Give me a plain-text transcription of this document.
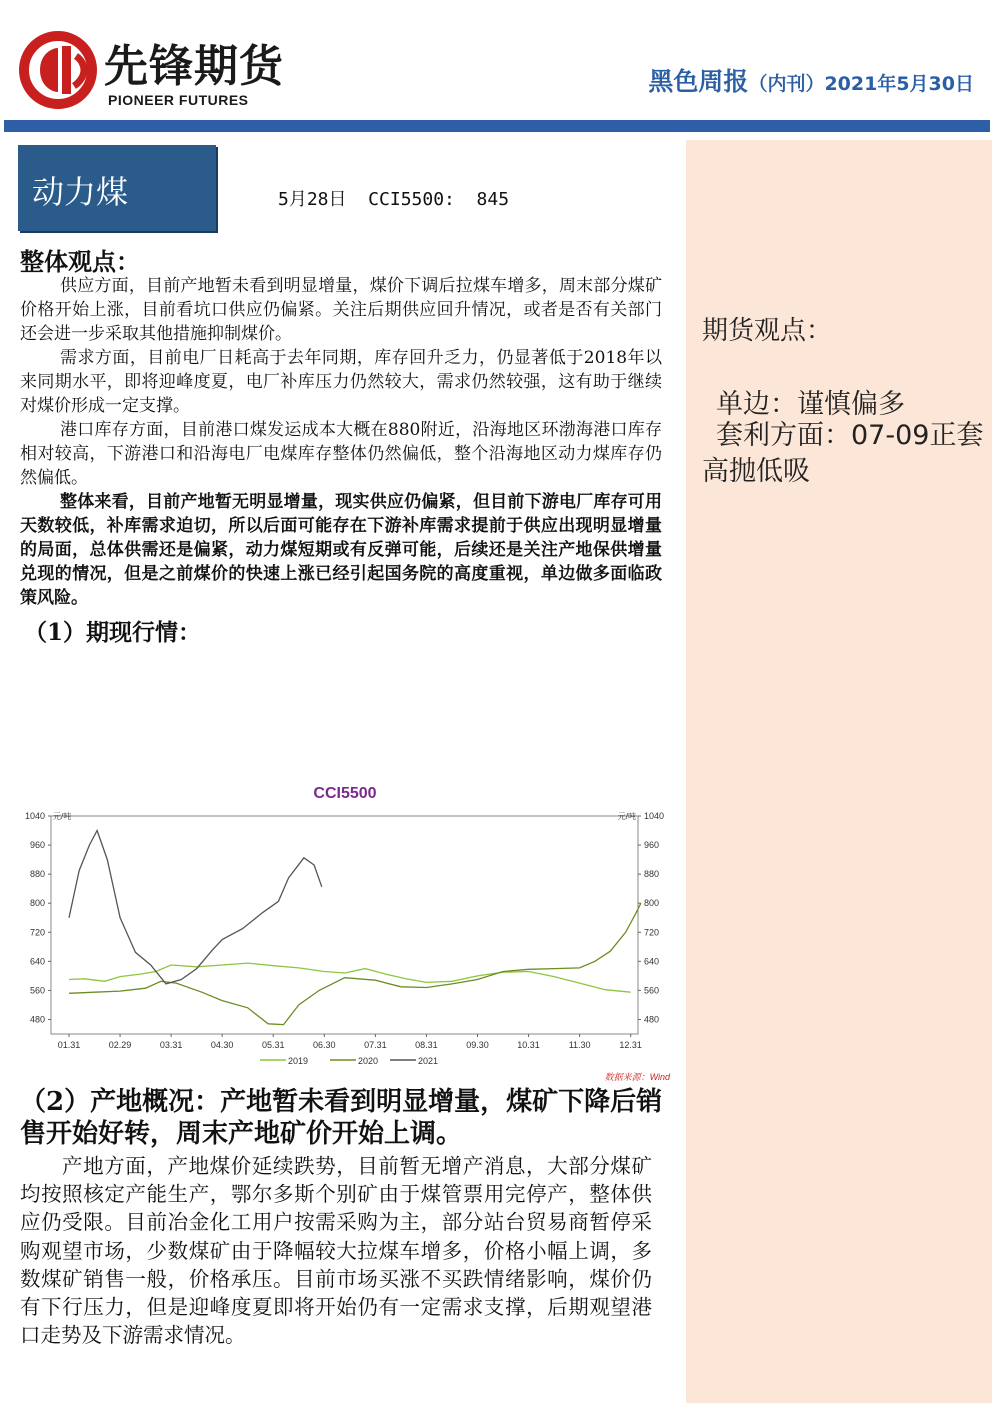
先锋期货
PIONEER FUTURES
黑色周报（内刊）2021年5月30日
期货观点：
单边：谨慎偏多
套利方面：07-09正套高抛低吸
动力煤	5月28日  CCI5500:  845
整体观点：

供应方面，目前产地暂未看到明显增量，煤价下调后拉煤车增多，周末部分煤矿价格开始上涨，目前看坑口供应仍偏紧。关注后期供应回升情况，或者是否有关部门还会进一步采取其他措施抑制煤价。

需求方面，目前电厂日耗高于去年同期，库存回升乏力，仍显著低于2018年以来同期水平，即将迎峰度夏，电厂补库压力仍然较大，需求仍然较强，这有助于继续对煤价形成一定支撑。

港口库存方面，目前港口煤发运成本大概在880附近，沿海地区环渤海港口库存相对较高，下游港口和沿海电厂电煤库存整体仍然偏低，整个沿海地区动力煤库存仍然偏低。

整体来看，目前产地暂无明显增量，现实供应仍偏紧，但目前下游电厂库存可用天数较低，补库需求迫切，所以后面可能存在下游补库需求提前于供应出现明显增量的局面，总体供需还是偏紧，动力煤短期或有反弹可能，后续还是关注产地保供增量兑现的情况，但是之前煤价的快速上涨已经引起国务院的高度重视，单边做多面临政策风险。

（1）期现行情：
CCI5500
480	480
560	560
640	640
720	720
800	800
880	880
960	960
1040	1040
元/吨	元/吨
01.31	02.29	03.31	04.30	05.31	06.30	07.31	08.31	09.30	10.31	11.30	12.31
2019	2020	2021
数据来源：Wind

（2）产地概况：产地暂未看到明显增量，煤矿下降后销售开始好转，周末产地矿价开始上调。

产地方面，产地煤价延续跌势，目前暂无增产消息，大部分煤矿均按照核定产能生产，鄂尔多斯个别矿由于煤管票用完停产，整体供应仍受限。目前冶金化工用户按需采购为主，部分站台贸易商暂停采购观望市场，少数煤矿由于降幅较大拉煤车增多，价格小幅上调，多数煤矿销售一般，价格承压。目前市场买涨不买跌情绪影响，煤价仍有下行压力，但是迎峰度夏即将开始仍有一定需求支撑，后期观望港口走势及下游需求情况。
